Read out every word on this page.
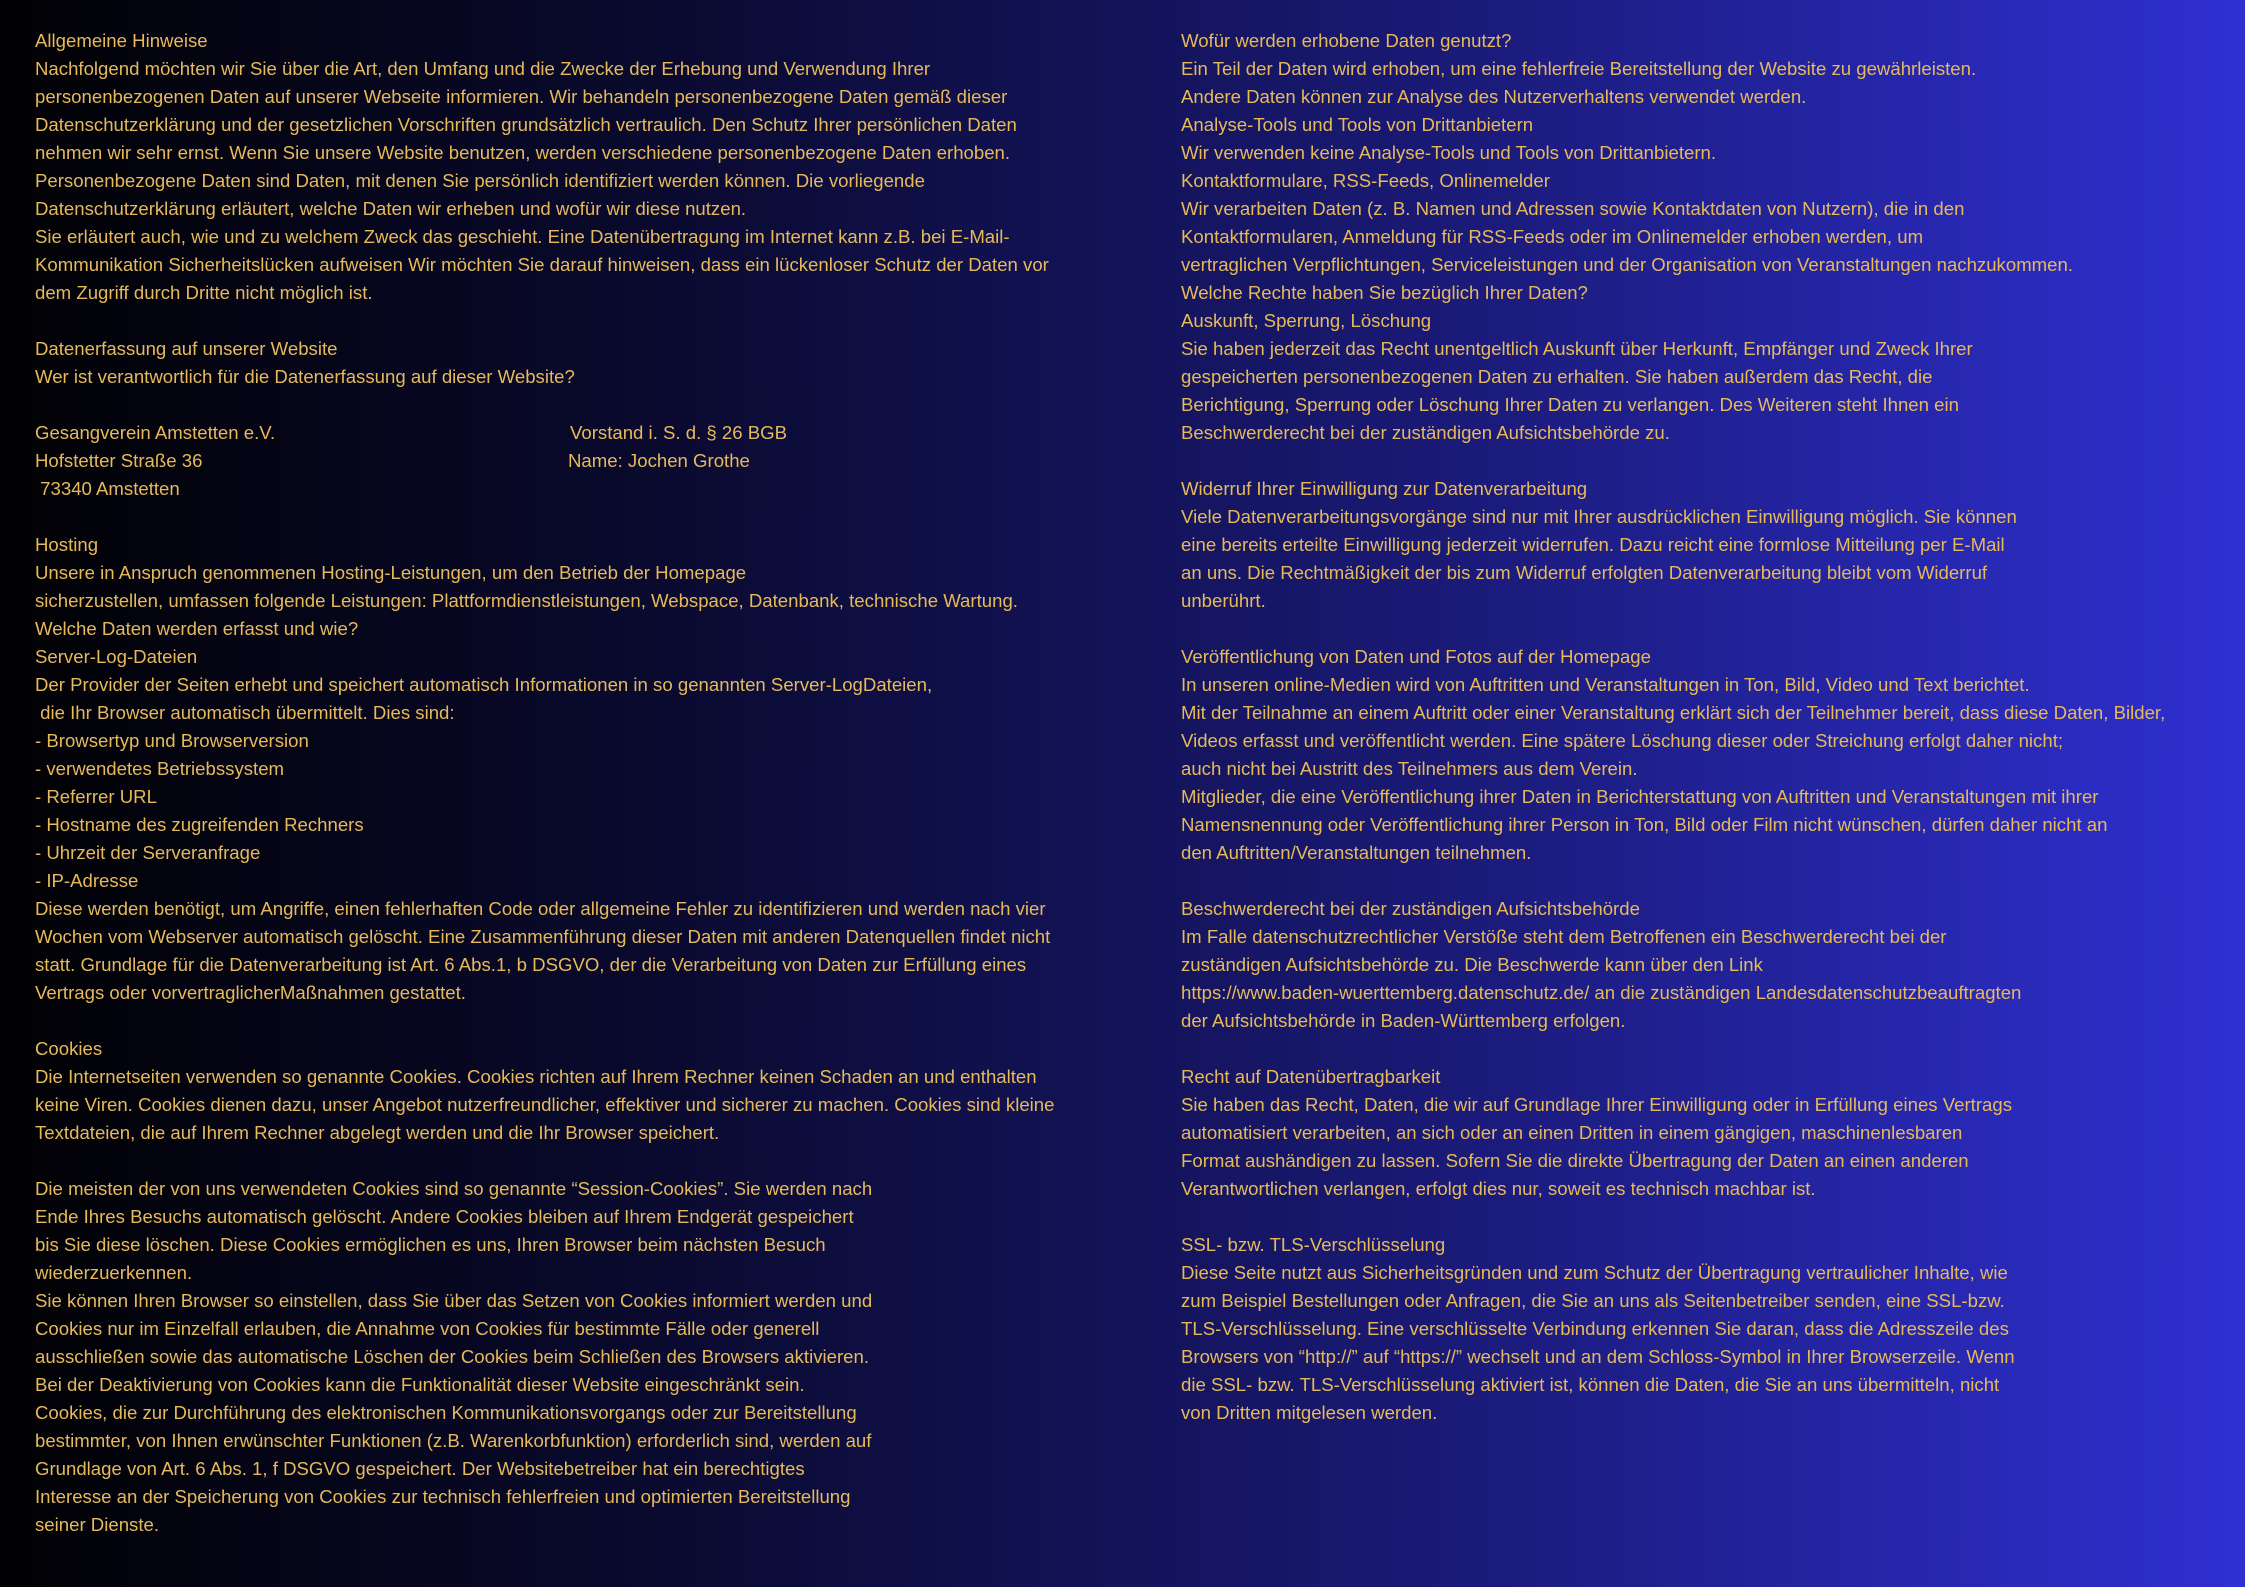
Allgemeine Hinweise
Nachfolgend möchten wir Sie über die Art, den Umfang und die Zwecke der Erhebung und Verwendung Ihrer
personenbezogenen Daten auf unserer Webseite informieren. Wir behandeln personenbezogene Daten gemäß dieser
Datenschutzerklärung und der gesetzlichen Vorschriften grundsätzlich vertraulich. Den Schutz Ihrer persönlichen Daten
nehmen wir sehr ernst. Wenn Sie unsere Website benutzen, werden verschiedene personenbezogene Daten erhoben.
Personenbezogene Daten sind Daten, mit denen Sie persönlich identifiziert werden können. Die vorliegende
Datenschutzerklärung erläutert, welche Daten wir erheben und wofür wir diese nutzen.
Sie erläutert auch, wie und zu welchem Zweck das geschieht. Eine Datenübertragung im Internet kann z.B. bei E-Mail-
Kommunikation Sicherheitslücken aufweisen Wir möchten Sie darauf hinweisen, dass ein lückenloser Schutz der Daten vor
dem Zugriff durch Dritte nicht möglich ist.
Datenerfassung auf unserer Website
Wer ist verantwortlich für die Datenerfassung auf dieser Website?
Gesangverein Amstetten e.V.	Vorstand i. S. d. § 26 BGB
Hofstetter Straße 36	Name: Jochen Grothe
73340 Amstetten
Hosting
Unsere in Anspruch genommenen Hosting-Leistungen, um den Betrieb der Homepage
sicherzustellen, umfassen folgende Leistungen: Plattformdienstleistungen, Webspace, Datenbank, technische Wartung.
Welche Daten werden erfasst und wie?
Server-Log-Dateien
Der Provider der Seiten erhebt und speichert automatisch Informationen in so genannten Server-LogDateien,
die Ihr Browser automatisch übermittelt. Dies sind:
- Browsertyp und Browserversion
- verwendetes Betriebssystem
- Referrer URL
- Hostname des zugreifenden Rechners
- Uhrzeit der Serveranfrage
- IP-Adresse
Diese werden benötigt, um Angriffe, einen fehlerhaften Code oder allgemeine Fehler zu identifizieren und werden nach vier
Wochen vom Webserver automatisch gelöscht. Eine Zusammenführung dieser Daten mit anderen Datenquellen findet nicht
statt. Grundlage für die Datenverarbeitung ist Art. 6 Abs.1, b DSGVO, der die Verarbeitung von Daten zur Erfüllung eines
Vertrags oder vorvertraglicherMaßnahmen gestattet.
Cookies
Die Internetseiten verwenden so genannte Cookies. Cookies richten auf Ihrem Rechner keinen Schaden an und enthalten
keine Viren. Cookies dienen dazu, unser Angebot nutzerfreundlicher, effektiver und sicherer zu machen. Cookies sind kleine
Textdateien, die auf Ihrem Rechner abgelegt werden und die Ihr Browser speichert.
Die meisten der von uns verwendeten Cookies sind so genannte “Session-Cookies”. Sie werden nach
Ende Ihres Besuchs automatisch gelöscht. Andere Cookies bleiben auf Ihrem Endgerät gespeichert
bis Sie diese löschen. Diese Cookies ermöglichen es uns, Ihren Browser beim nächsten Besuch
wiederzuerkennen.
Sie können Ihren Browser so einstellen, dass Sie über das Setzen von Cookies informiert werden und
Cookies nur im Einzelfall erlauben, die Annahme von Cookies für bestimmte Fälle oder generell
ausschließen sowie das automatische Löschen der Cookies beim Schließen des Browsers aktivieren.
Bei der Deaktivierung von Cookies kann die Funktionalität dieser Website eingeschränkt sein.
Cookies, die zur Durchführung des elektronischen Kommunikationsvorgangs oder zur Bereitstellung
bestimmter, von Ihnen erwünschter Funktionen (z.B. Warenkorbfunktion) erforderlich sind, werden auf
Grundlage von Art. 6 Abs. 1, f DSGVO gespeichert. Der Websitebetreiber hat ein berechtigtes
Interesse an der Speicherung von Cookies zur technisch fehlerfreien und optimierten Bereitstellung
seiner Dienste.
Wofür werden erhobene Daten genutzt?
Ein Teil der Daten wird erhoben, um eine fehlerfreie Bereitstellung der Website zu gewährleisten.
Andere Daten können zur Analyse des Nutzerverhaltens verwendet werden.
Analyse-Tools und Tools von Drittanbietern
Wir verwenden keine Analyse-Tools und Tools von Drittanbietern.
Kontaktformulare, RSS-Feeds, Onlinemelder
Wir verarbeiten Daten (z. B. Namen und Adressen sowie Kontaktdaten von Nutzern), die in den
Kontaktformularen, Anmeldung für RSS-Feeds oder im Onlinemelder erhoben werden, um
vertraglichen Verpflichtungen, Serviceleistungen und der Organisation von Veranstaltungen nachzukommen.
Welche Rechte haben Sie bezüglich Ihrer Daten?
Auskunft, Sperrung, Löschung
Sie haben jederzeit das Recht unentgeltlich Auskunft über Herkunft, Empfänger und Zweck Ihrer
gespeicherten personenbezogenen Daten zu erhalten. Sie haben außerdem das Recht, die
Berichtigung, Sperrung oder Löschung Ihrer Daten zu verlangen. Des Weiteren steht Ihnen ein
Beschwerderecht bei der zuständigen Aufsichtsbehörde zu.
Widerruf Ihrer Einwilligung zur Datenverarbeitung
Viele Datenverarbeitungsvorgänge sind nur mit Ihrer ausdrücklichen Einwilligung möglich. Sie können
eine bereits erteilte Einwilligung jederzeit widerrufen. Dazu reicht eine formlose Mitteilung per E-Mail
an uns. Die Rechtmäßigkeit der bis zum Widerruf erfolgten Datenverarbeitung bleibt vom Widerruf
unberührt.
Veröffentlichung von Daten und Fotos auf der Homepage
In unseren online-Medien wird von Auftritten und Veranstaltungen in Ton, Bild, Video und Text berichtet.
Mit der Teilnahme an einem Auftritt oder einer Veranstaltung erklärt sich der Teilnehmer bereit, dass diese Daten, Bilder,
Videos erfasst und veröffentlicht werden. Eine spätere Löschung dieser oder Streichung erfolgt daher nicht;
auch nicht bei Austritt des Teilnehmers aus dem Verein.
Mitglieder, die eine Veröffentlichung ihrer Daten in Berichterstattung von Auftritten und Veranstaltungen mit ihrer
Namensnennung oder Veröffentlichung ihrer Person in Ton, Bild oder Film nicht wünschen, dürfen daher nicht an
den Auftritten/Veranstaltungen teilnehmen.
Beschwerderecht bei der zuständigen Aufsichtsbehörde
Im Falle datenschutzrechtlicher Verstöße steht dem Betroffenen ein Beschwerderecht bei der
zuständigen Aufsichtsbehörde zu. Die Beschwerde kann über den Link
https://www.baden-wuerttemberg.datenschutz.de/ an die zuständigen Landesdatenschutzbeauftragten
der Aufsichtsbehörde in Baden-Württemberg erfolgen.
Recht auf Datenübertragbarkeit
Sie haben das Recht, Daten, die wir auf Grundlage Ihrer Einwilligung oder in Erfüllung eines Vertrags
automatisiert verarbeiten, an sich oder an einen Dritten in einem gängigen, maschinenlesbaren
Format aushändigen zu lassen. Sofern Sie die direkte Übertragung der Daten an einen anderen
Verantwortlichen verlangen, erfolgt dies nur, soweit es technisch machbar ist.
SSL- bzw. TLS-Verschlüsselung
Diese Seite nutzt aus Sicherheitsgründen und zum Schutz der Übertragung vertraulicher Inhalte, wie
zum Beispiel Bestellungen oder Anfragen, die Sie an uns als Seitenbetreiber senden, eine SSL-bzw.
TLS-Verschlüsselung. Eine verschlüsselte Verbindung erkennen Sie daran, dass die Adresszeile des
Browsers von “http://” auf “https://” wechselt und an dem Schloss-Symbol in Ihrer Browserzeile. Wenn
die SSL- bzw. TLS-Verschlüsselung aktiviert ist, können die Daten, die Sie an uns übermitteln, nicht
von Dritten mitgelesen werden.
